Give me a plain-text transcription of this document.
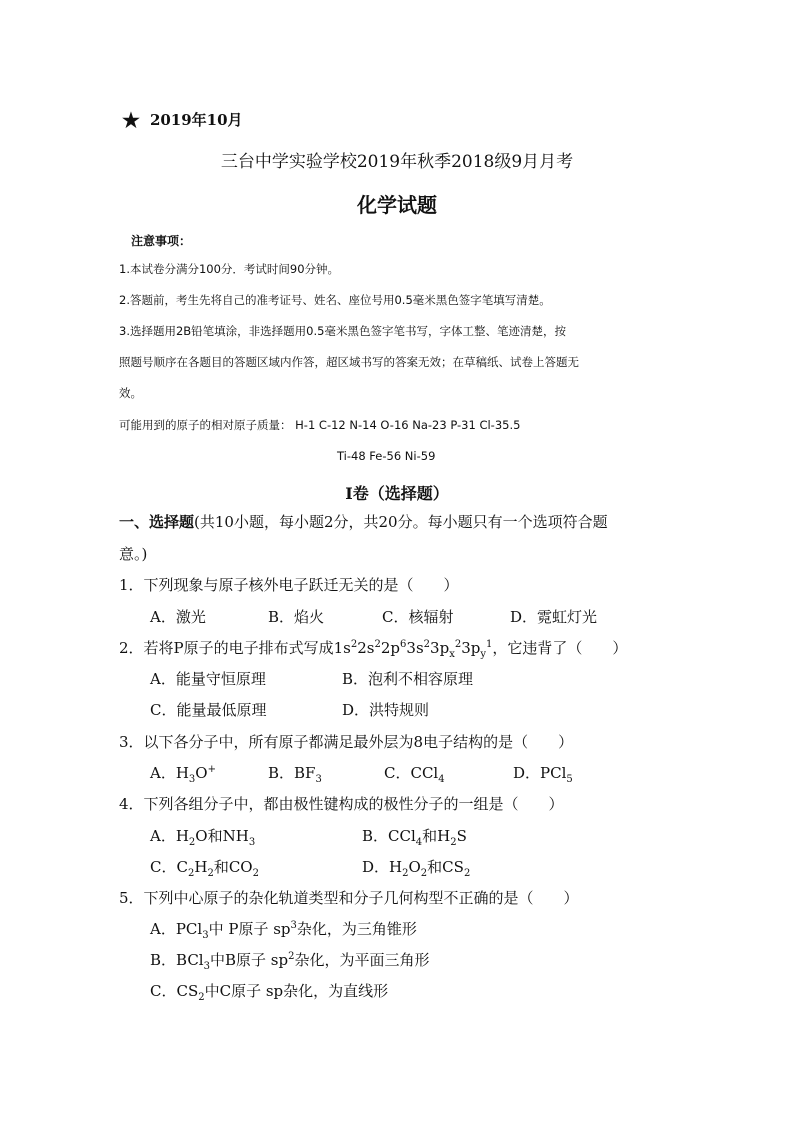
★ 2019年10月
三台中学实验学校2019年秋季2018级9月月考
化学试题
注意事项：
1.本试卷分满分100分．考试时间90分钟。
2.答题前，考生先将自己的准考证号、姓名、座位号用0.5毫米黑色签字笔填写清楚。
3.选择题用2B铅笔填涂，非选择题用0.5毫米黑色签字笔书写，字体工整、笔迹清楚，按
照题号顺序在各题目的答题区域内作答，超区域书写的答案无效；在草稿纸、试卷上答题无
效。
可能用到的原子的相对原子质量： H-1 C-12 N-14 O-16 Na-23 P-31 Cl-35.5
Ti-48 Fe-56 Ni-59
Ⅰ卷（选择题）
一、选择题(共10小题，每小题2分，共20分。每小题只有一个选项符合题
意。)
1．下列现象与原子核外电子跃迁无关的是（　　）
A．激光	B．焰火	C．核辐射	D．霓虹灯光
2．若将P原子的电子排布式写成$1s^22s^22p^63s^23p_x^23p_y^1$，它违背了（　　）
A．能量守恒原理	B．泡利不相容原理
C．能量最低原理	D．洪特规则
3．以下各分子中，所有原子都满足最外层为8电子结构的是（　　）
A．$H_3O^+$	B．$BF_3$	C．CCl$_4$	D．PCl$_5$
4．下列各组分子中，都由极性键构成的极性分子的一组是（　　）
A．$H_2O$和$NH_3$	B．CCl$_4$和$H_2S$
C．$C_2H_2$和$CO_2$	D．$H_2O_2$和$CS_2$
5．下列中心原子的杂化轨道类型和分子几何构型不正确的是（　　）
A．PCl$_3$中 P原子 $sp^3$杂化，为三角锥形
B．BCl$_3$中B原子 $sp^2$杂化，为平面三角形
C．$CS_2$中C原子 sp杂化，为直线形
